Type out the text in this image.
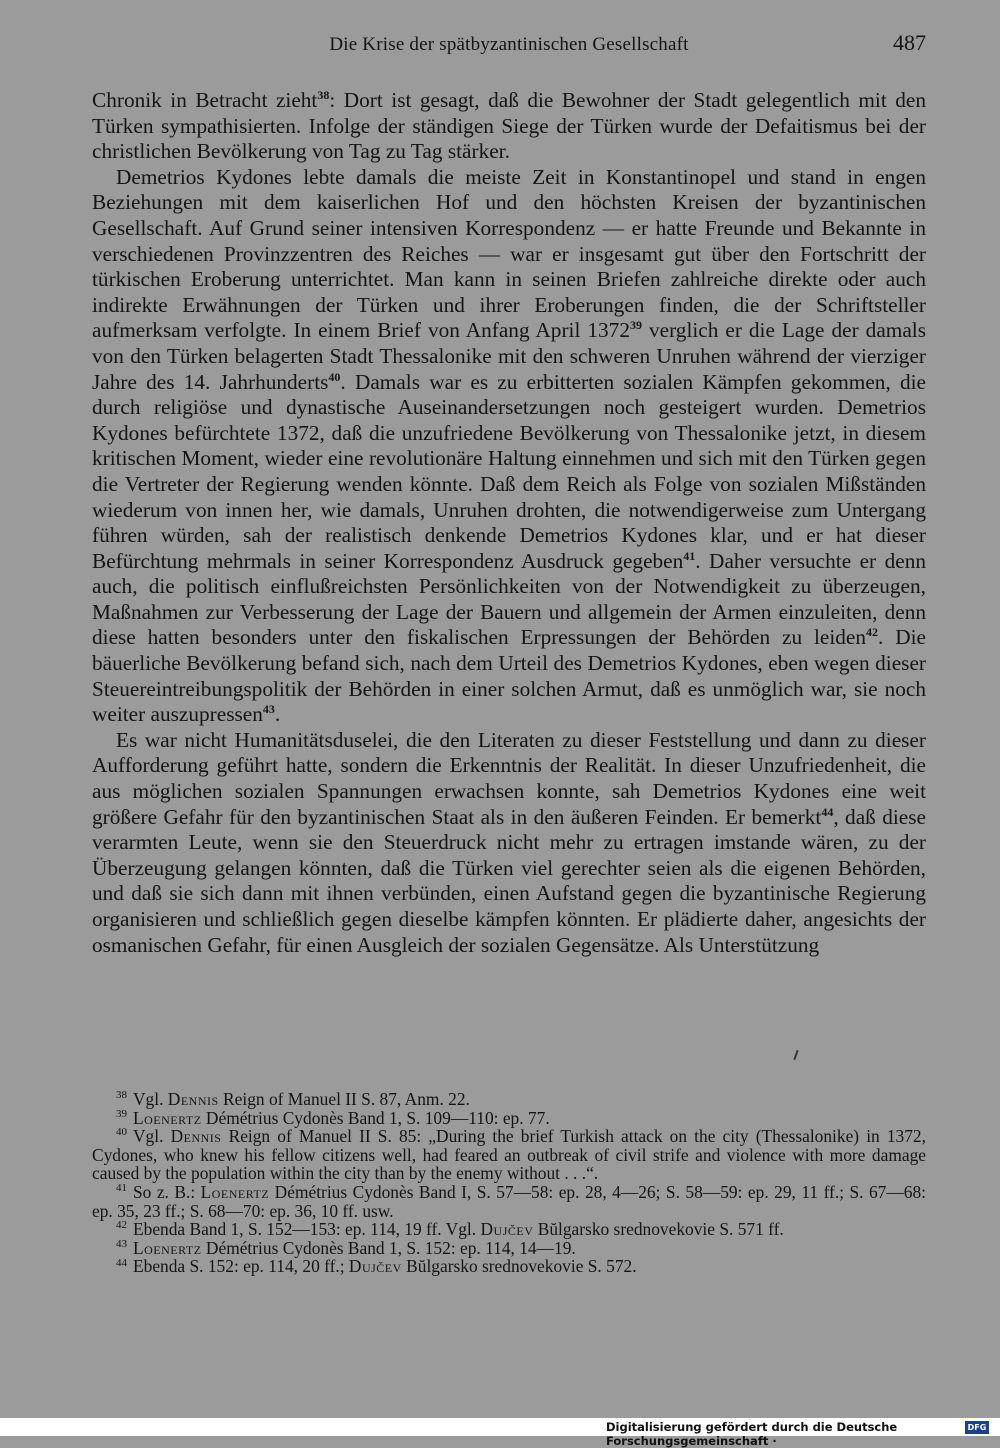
Die Krise der spätbyzantinischen Gesellschaft	487

Chronik in Betracht zieht$^{38}$: Dort ist gesagt, daß die Bewohner der Stadt gelegentlich mit den Türken sympathisierten. Infolge der ständigen Siege der Türken wurde der Defaitismus bei der christlichen Bevölkerung von Tag zu Tag stärker.

Demetrios Kydones lebte damals die meiste Zeit in Konstantinopel und stand in engen Beziehungen mit dem kaiserlichen Hof und den höchsten Kreisen der byzantinischen Gesellschaft. Auf Grund seiner intensiven Korrespondenz — er hatte Freunde und Bekannte in verschiedenen Provinzzentren des Reiches — war er insgesamt gut über den Fortschritt der türkischen Eroberung unterrichtet. Man kann in seinen Briefen zahlreiche direkte oder auch indirekte Erwähnungen der Türken und ihrer Eroberungen finden, die der Schriftsteller aufmerksam verfolgte. In einem Brief von Anfang April 1372$^{39}$ verglich er die Lage der damals von den Türken belagerten Stadt Thessalonike mit den schweren Unruhen während der vierziger Jahre des 14. Jahrhunderts$^{40}$. Damals war es zu erbitterten sozialen Kämpfen gekommen, die durch religiöse und dynastische Auseinandersetzungen noch gesteigert wurden. Demetrios Kydones befürchtete 1372, daß die unzufriedene Bevölkerung von Thessalonike jetzt, in diesem kritischen Moment, wieder eine revolutionäre Haltung einnehmen und sich mit den Türken gegen die Vertreter der Regierung wenden könnte. Daß dem Reich als Folge von sozialen Mißständen wiederum von innen her, wie damals, Unruhen drohten, die notwendigerweise zum Untergang führen würden, sah der realistisch denkende Demetrios Kydones klar, und er hat dieser Befürchtung mehrmals in seiner Korrespondenz Ausdruck gegeben$^{41}$. Daher versuchte er denn auch, die politisch einflußreichsten Persönlichkeiten von der Notwendigkeit zu überzeugen, Maßnahmen zur Verbesserung der Lage der Bauern und allgemein der Armen einzuleiten, denn diese hatten besonders unter den fiskalischen Erpressungen der Behörden zu leiden$^{42}$. Die bäuerliche Bevölkerung befand sich, nach dem Urteil des Demetrios Kydones, eben wegen dieser Steuereintreibungspolitik der Behörden in einer solchen Armut, daß es unmöglich war, sie noch weiter auszupressen$^{43}$.

Es war nicht Humanitätsduselei, die den Literaten zu dieser Feststellung und dann zu dieser Aufforderung geführt hatte, sondern die Erkenntnis der Realität. In dieser Unzufriedenheit, die aus möglichen sozialen Spannungen erwachsen konnte, sah Demetrios Kydones eine weit größere Gefahr für den byzantinischen Staat als in den äußeren Feinden. Er bemerkt$^{44}$, daß diese verarmten Leute, wenn sie den Steuerdruck nicht mehr zu ertragen imstande wären, zu der Überzeugung gelangen könnten, daß die Türken viel gerechter seien als die eigenen Behörden, und daß sie sich dann mit ihnen verbünden, einen Aufstand gegen die byzantinische Regierung organisieren und schließlich gegen dieselbe kämpfen könnten. Er plädierte daher, angesichts der osmanischen Gefahr, für einen Ausgleich der sozialen Gegensätze. Als Unterstützung

$^{38}$ Vgl. Dennis Reign of Manuel II S. 87, Anm. 22.
$^{39}$ Loenertz Démétrius Cydonès Band 1, S. 109—110: ep. 77.
$^{40}$ Vgl. Dennis Reign of Manuel II S. 85: „During the brief Turkish attack on the city (Thessalonike) in 1372, Cydones, who knew his fellow citizens well, had feared an outbreak of civil strife and violence with more damage caused by the population within the city than by the enemy without . . .“.
$^{41}$ So z. B.: Loenertz Démétrius Cydonès Band I, S. 57—58: ep. 28, 4—26; S. 58—59: ep. 29, 11 ff.; S. 67—68: ep. 35, 23 ff.; S. 68—70: ep. 36, 10 ff. usw.
$^{42}$ Ebenda Band 1, S. 152—153: ep. 114, 19 ff. Vgl. Dujčev Bŭlgarsko srednovekovie S. 571 ff.
$^{43}$ Loenertz Démétrius Cydonès Band 1, S. 152: ep. 114, 14—19.
$^{44}$ Ebenda S. 152: ep. 114, 20 ff.; Dujčev Bŭlgarsko srednovekovie S. 572.
Digitalisierung gefördert durch die Deutsche Forschungsgemeinschaft ·
DFG
